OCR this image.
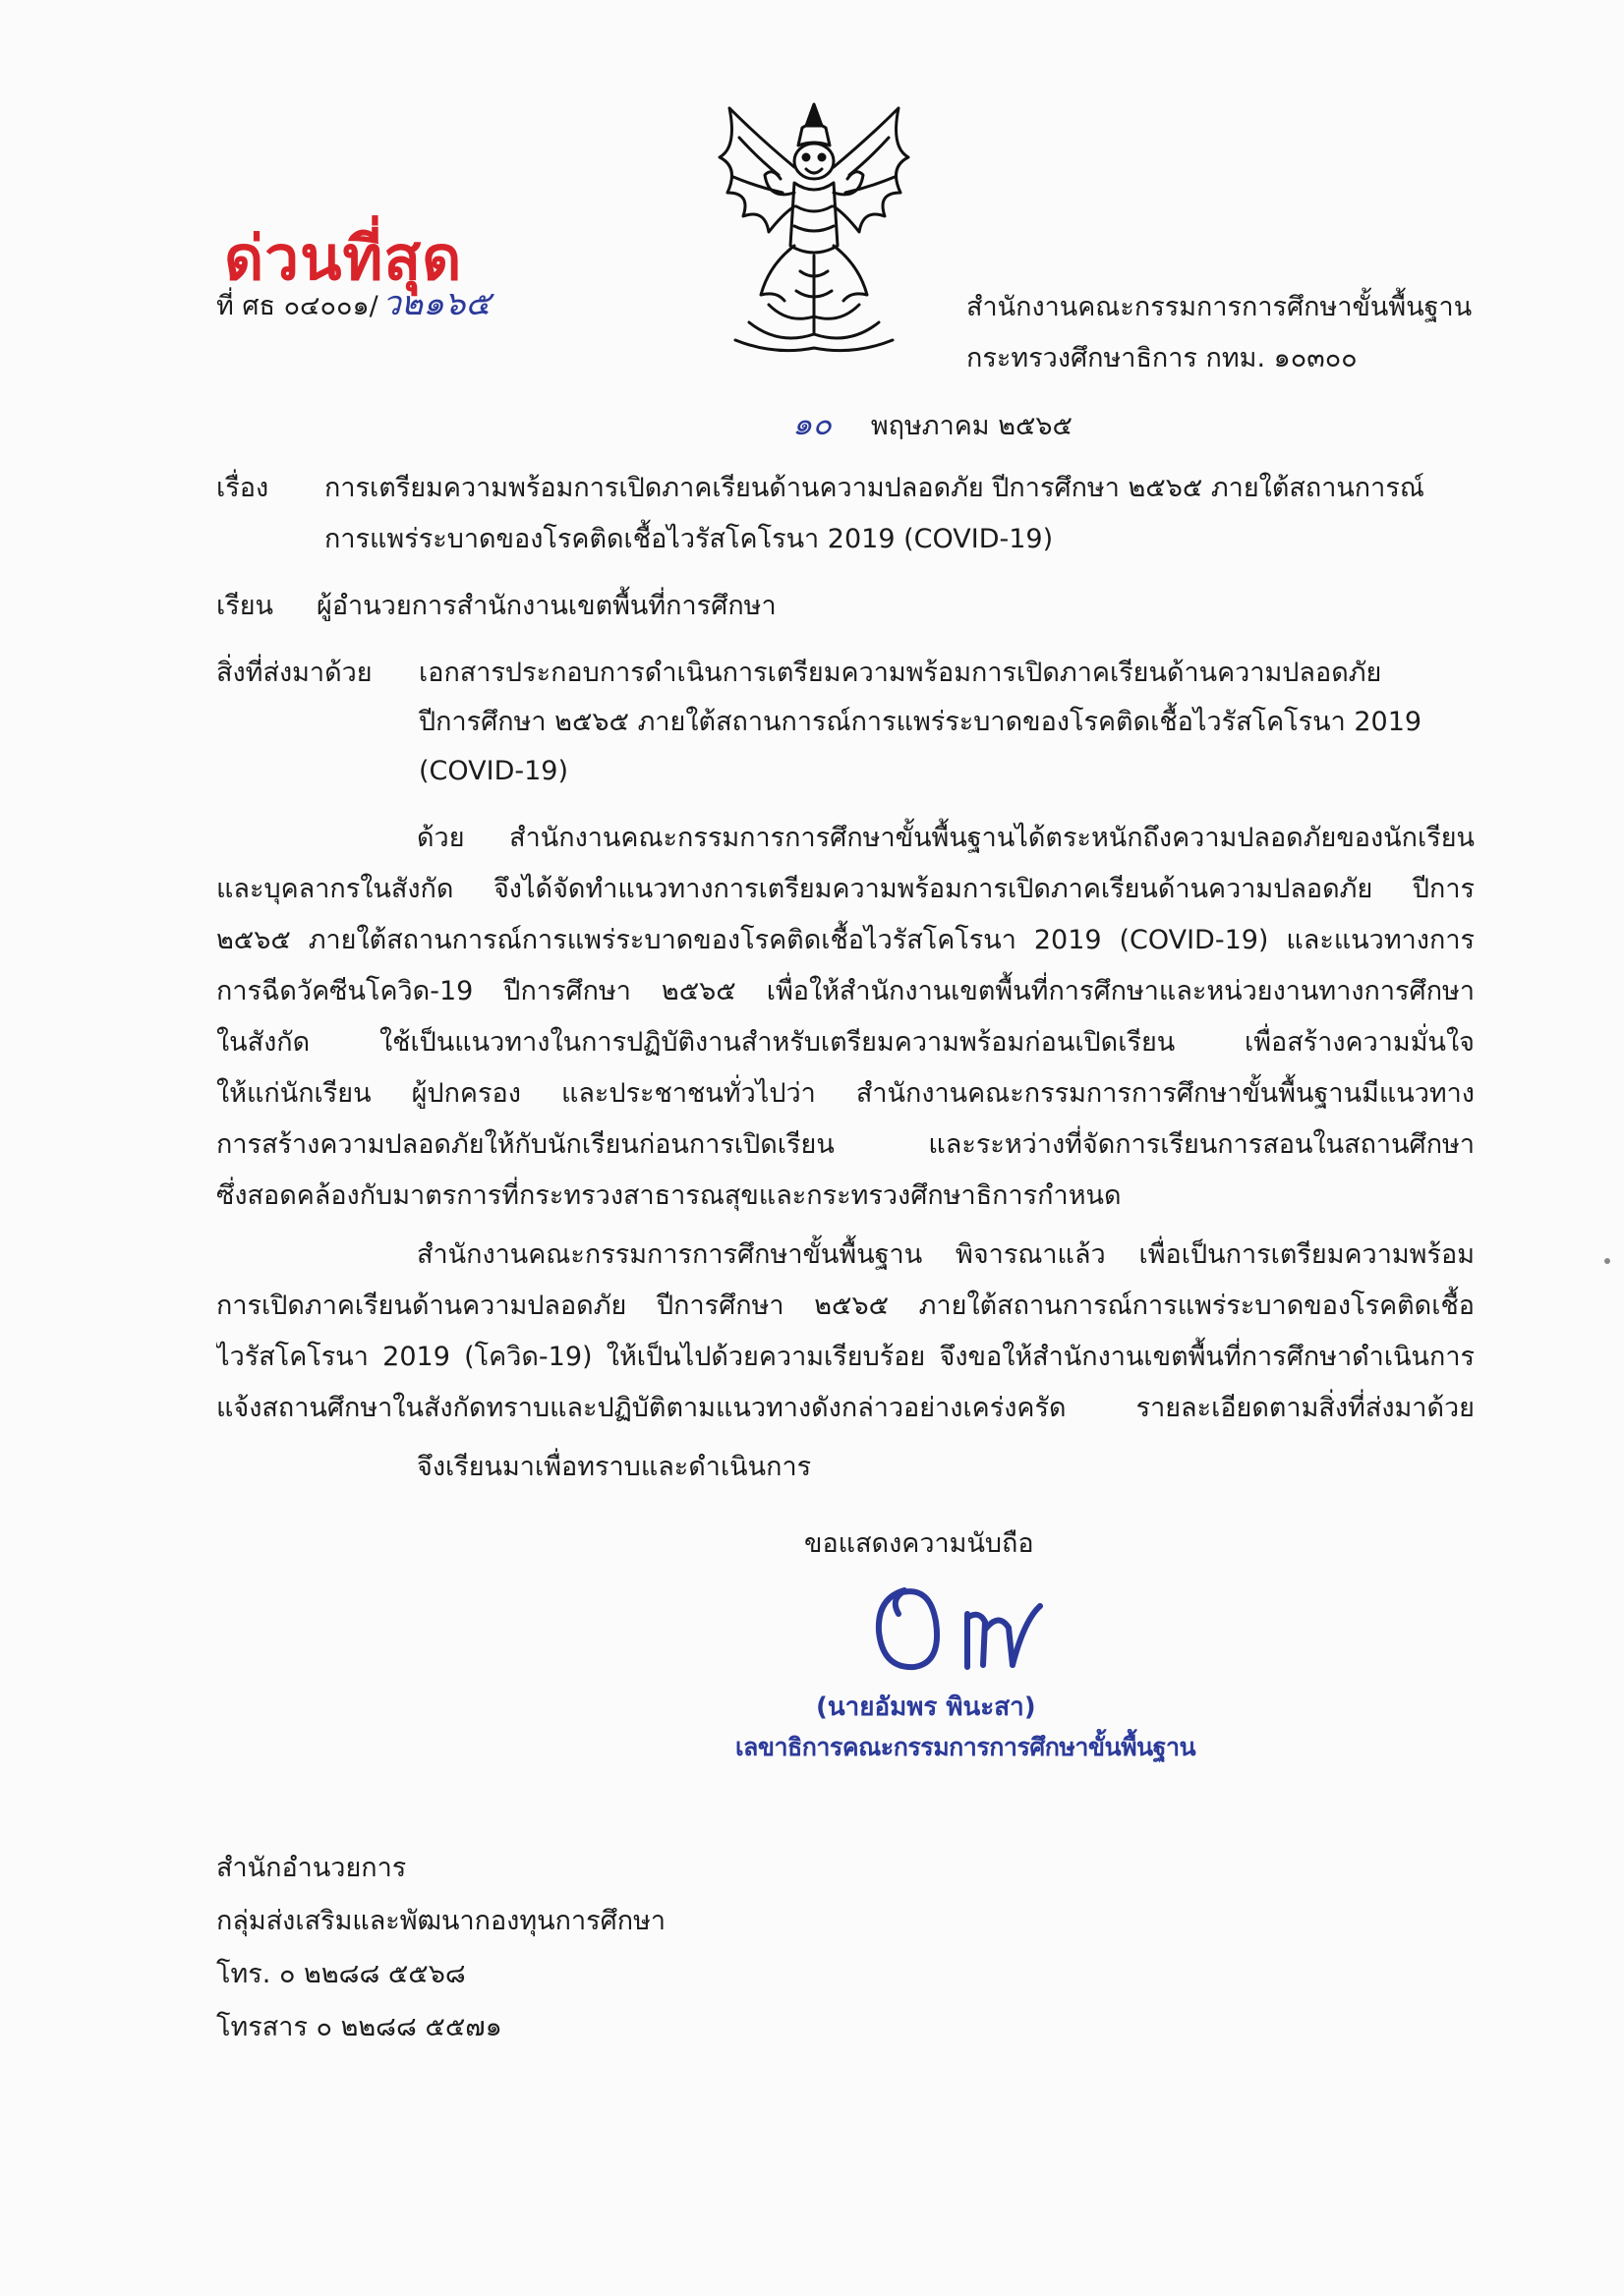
ด่วนที่สุด
ที่ ศธ ๐๔๐๐๑/ ว๒๑๖๕	สำนักงานคณะกรรมการการศึกษาขั้นพื้นฐาน
กระทรวงศึกษาธิการ กทม. ๑๐๓๐๐
๑๐ พฤษภาคม ๒๕๖๕
เรื่อง การเตรียมความพร้อมการเปิดภาคเรียนด้านความปลอดภัย ปีการศึกษา ๒๕๖๕ ภายใต้สถานการณ์
การแพร่ระบาดของโรคติดเชื้อไวรัสโคโรนา 2019 (COVID-19)
เรียน ผู้อำนวยการสำนักงานเขตพื้นที่การศึกษา
สิ่งที่ส่งมาด้วย เอกสารประกอบการดำเนินการเตรียมความพร้อมการเปิดภาคเรียนด้านความปลอดภัย
ปีการศึกษา ๒๕๖๕ ภายใต้สถานการณ์การแพร่ระบาดของโรคติดเชื้อไวรัสโคโรนา 2019
(COVID-19)
ด้วย สำนักงานคณะกรรมการการศึกษาขั้นพื้นฐานได้ตระหนักถึงความปลอดภัยของนักเรียน
และบุคลากรในสังกัด จึงได้จัดทำแนวทางการเตรียมความพร้อมการเปิดภาคเรียนด้านความปลอดภัย ปีการ
๒๕๖๕ ภายใต้สถานการณ์การแพร่ระบาดของโรคติดเชื้อไวรัสโคโรนา 2019 (COVID-19) และแนวทางการ
การฉีดวัคซีนโควิด-19 ปีการศึกษา ๒๕๖๕ เพื่อให้สำนักงานเขตพื้นที่การศึกษาและหน่วยงานทางการศึกษา
ในสังกัด ใช้เป็นแนวทางในการปฏิบัติงานสำหรับเตรียมความพร้อมก่อนเปิดเรียน เพื่อสร้างความมั่นใจ
ให้แก่นักเรียน ผู้ปกครอง และประชาชนทั่วไปว่า สำนักงานคณะกรรมการการศึกษาขั้นพื้นฐานมีแนวทาง
การสร้างความปลอดภัยให้กับนักเรียนก่อนการเปิดเรียน และระหว่างที่จัดการเรียนการสอนในสถานศึกษา
ซึ่งสอดคล้องกับมาตรการที่กระทรวงสาธารณสุขและกระทรวงศึกษาธิการกำหนด
สำนักงานคณะกรรมการการศึกษาขั้นพื้นฐาน พิจารณาแล้ว เพื่อเป็นการเตรียมความพร้อม
การเปิดภาคเรียนด้านความปลอดภัย ปีการศึกษา ๒๕๖๕ ภายใต้สถานการณ์การแพร่ระบาดของโรคติดเชื้อ
ไวรัสโคโรนา 2019 (โควิด-19) ให้เป็นไปด้วยความเรียบร้อย จึงขอให้สำนักงานเขตพื้นที่การศึกษาดำเนินการ
แจ้งสถานศึกษาในสังกัดทราบและปฏิบัติตามแนวทางดังกล่าวอย่างเคร่งครัด รายละเอียดตามสิ่งที่ส่งมาด้วย
จึงเรียนมาเพื่อทราบและดำเนินการ
ขอแสดงความนับถือ
(นายอัมพร พินะสา)
เลขาธิการคณะกรรมการการศึกษาขั้นพื้นฐาน
สำนักอำนวยการ
กลุ่มส่งเสริมและพัฒนากองทุนการศึกษา
โทร. ๐ ๒๒๘๘ ๕๕๖๘
โทรสาร ๐ ๒๒๘๘ ๕๕๗๑
